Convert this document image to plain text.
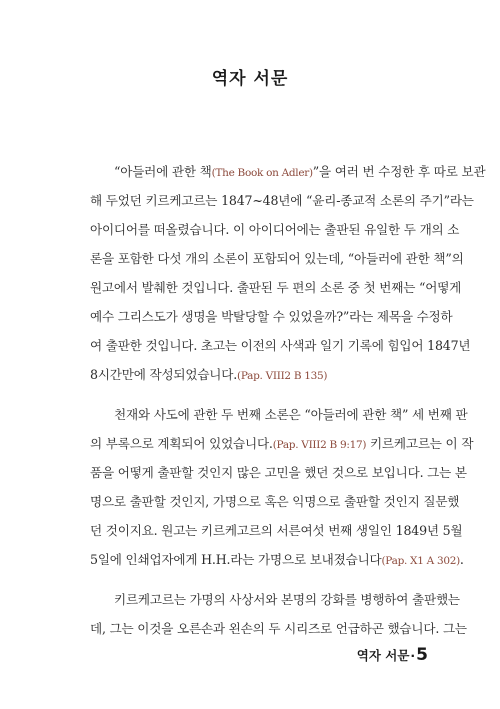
역자 서문
“아들러에 관한 책(The Book on Adler)”을 여러 번 수정한 후 따로 보관
해 두었던 키르케고르는 1847~48년에 “윤리-종교적 소론의 주기”라는
아이디어를 떠올렸습니다. 이 아이디어에는 출판된 유일한 두 개의 소
론을 포함한 다섯 개의 소론이 포함되어 있는데, “아들러에 관한 책”의
원고에서 발췌한 것입니다. 출판된 두 편의 소론 중 첫 번째는 “어떻게
예수 그리스도가 생명을 박탈당할 수 있었을까?”라는 제목을 수정하
여 출판한 것입니다. 초고는 이전의 사색과 일기 기록에 힘입어 1847년
8시간만에 작성되었습니다.(Pap. VIII2 B 135)
천재와 사도에 관한 두 번째 소론은 “아들러에 관한 책” 세 번째 판
의 부록으로 계획되어 있었습니다.(Pap. VIII2 B 9:17) 키르케고르는 이 작
품을 어떻게 출판할 것인지 많은 고민을 했던 것으로 보입니다. 그는 본
명으로 출판할 것인지, 가명으로 혹은 익명으로 출판할 것인지 질문했
던 것이지요. 원고는 키르케고르의 서른여섯 번째 생일인 1849년 5월
5일에 인쇄업자에게 H.H.라는 가명으로 보내졌습니다(Pap. X1 A 302).
키르케고르는 가명의 사상서와 본명의 강화를 병행하여 출판했는
데, 그는 이것을 오른손과 왼손의 두 시리즈로 언급하곤 했습니다. 그는
역자 서문·5
